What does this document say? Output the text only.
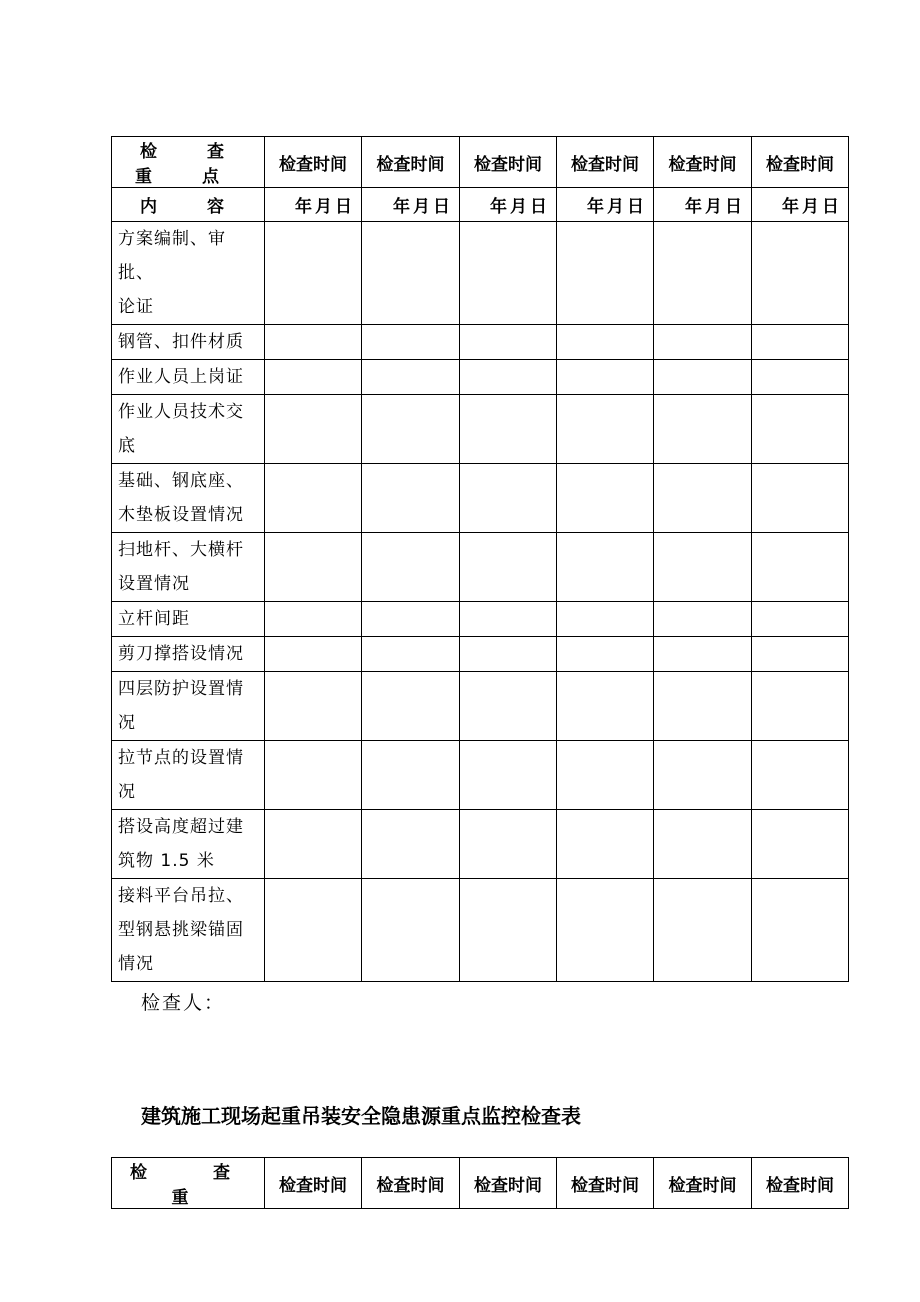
检 查 重 点	检查时间	检查时间	检查时间	检查时间	检查时间	检查时间
内 容	年月日	年月日	年月日	年月日	年月日	年月日

方案编制、审批、
论证						

钢管、扣件材质						

作业人员上岗证						

作业人员技术交
底						

基础、钢底座、
木垫板设置情况						

扫地杆、大横杆
设置情况						

立杆间距						

剪刀撑搭设情况						

四层防护设置情
况						

拉节点的设置情
况						

搭设高度超过建
筑物 1.5 米						

接料平台吊拉、
型钢悬挑梁锚固
情况						

检查人：
建筑施工现场起重吊装安全隐患源重点监控检查表
检 查 重	检查时间	检查时间	检查时间	检查时间	检查时间	检查时间
